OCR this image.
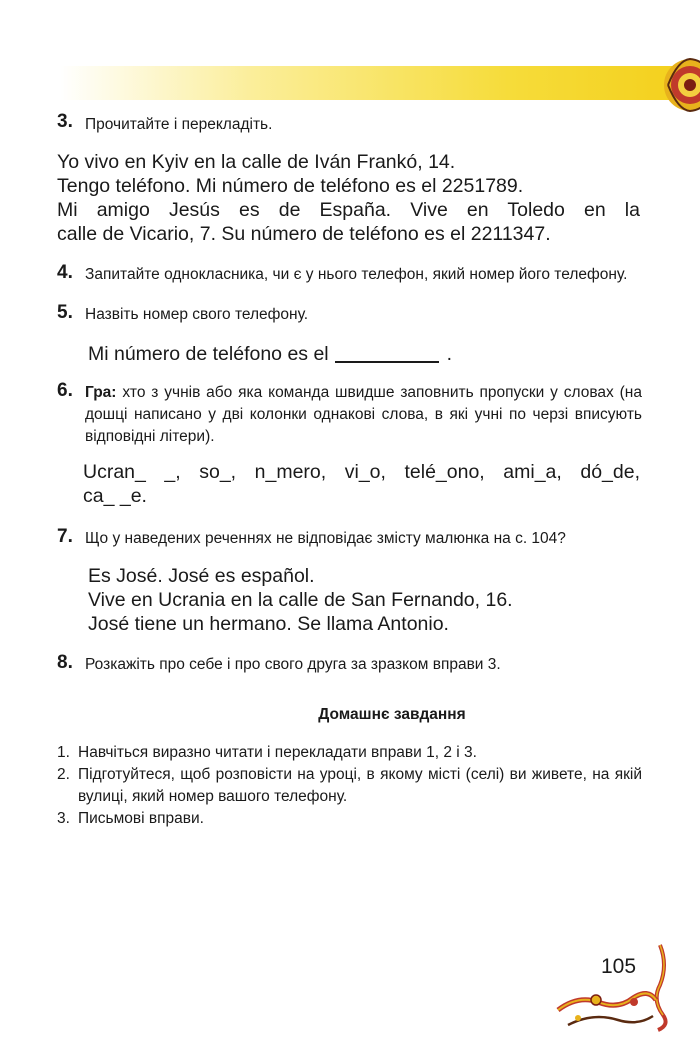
3. Прочитайте і перекладіть.
Yo vivo en Kyiv en la calle de Iván Frankó, 14.
Tengo teléfono. Mi número de teléfono es el 2251789.
Mi amigo Jesús es de España. Vive en Toledo en la
calle de Vicario, 7. Su número de teléfono es el 2211347.
4. Запитайте однокласника, чи є у нього телефон, який номер його телефону.
5. Назвіть номер свого телефону.
Mi número de teléfono es el	.
6. Гра: хто з учнів або яка команда швидше заповнить пропуски у словах (на дошці написано у дві колонки однакові слова, в які учні по черзі вписують відповідні літери).
Ucran_ _, so_, n_mero, vi_o, telé_ono, ami_a, dó_de,
ca_ _e.
7. Що у наведених реченнях не відповідає змісту малюнка на с. 104?
Es José. José es español.
Vive en Ucrania en la calle de San Fernando, 16.
José tiene un hermano. Se llama Antonio.
8. Розкажіть про себе і про свого друга за зразком вправи 3.
Домашнє завдання
1. Навчіться виразно читати і перекладати вправи 1, 2 і 3.
2. Підготуйтеся, щоб розповісти на уроці, в якому місті (селі) ви живете, на якій вулиці, який номер вашого телефону.
3. Письмові вправи.
105
